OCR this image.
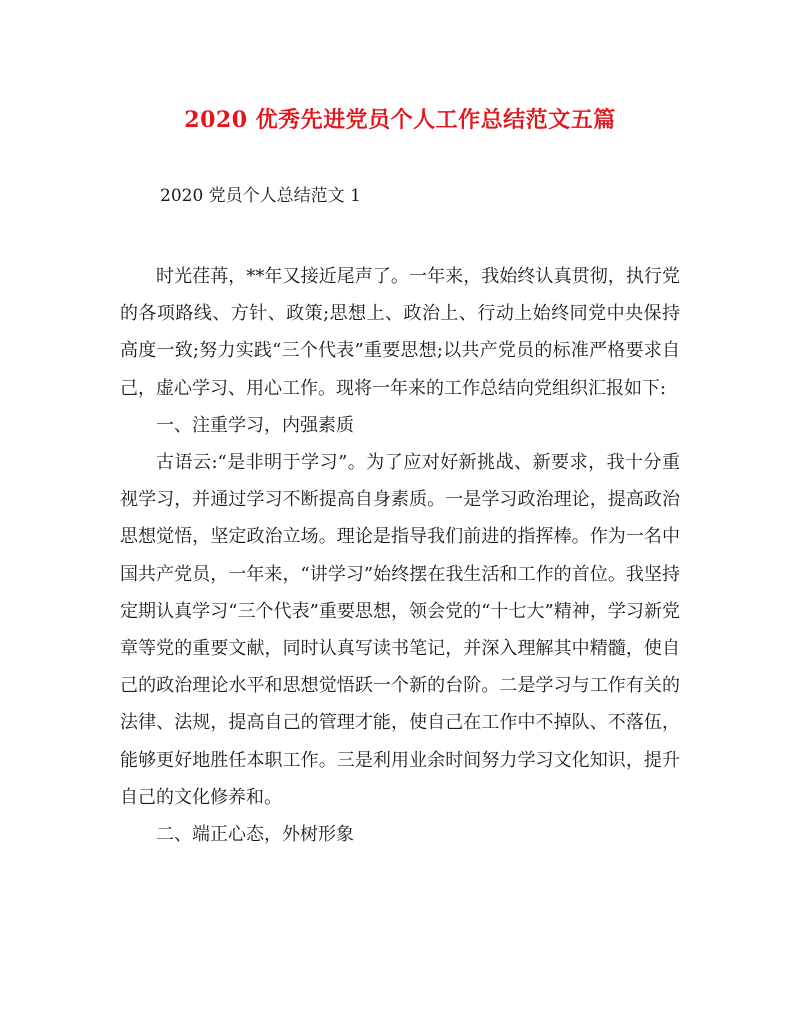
2020 优秀先进党员个人工作总结范文五篇

2020 党员个人总结范文 1

时光荏苒，**年又接近尾声了。一年来，我始终认真贯彻，执行党的各项路线、方针、政策;思想上、政治上、行动上始终同党中央保持高度一致;努力实践“三个代表”重要思想;以共产党员的标准严格要求自己，虚心学习、用心工作。现将一年来的工作总结向党组织汇报如下:

一、注重学习，内强素质

古语云:“是非明于学习”。为了应对好新挑战、新要求，我十分重视学习，并通过学习不断提高自身素质。一是学习政治理论，提高政治思想觉悟，坚定政治立场。理论是指导我们前进的指挥棒。作为一名中国共产党员，一年来，“讲学习”始终摆在我生活和工作的首位。我坚持定期认真学习“三个代表”重要思想，领会党的“十七大”精神，学习新党章等党的重要文献，同时认真写读书笔记，并深入理解其中精髓，使自己的政治理论水平和思想觉悟跃一个新的台阶。二是学习与工作有关的法律、法规，提高自己的管理才能，使自己在工作中不掉队、不落伍，能够更好地胜任本职工作。三是利用业余时间努力学习文化知识，提升自己的文化修养和。

二、端正心态，外树形象
